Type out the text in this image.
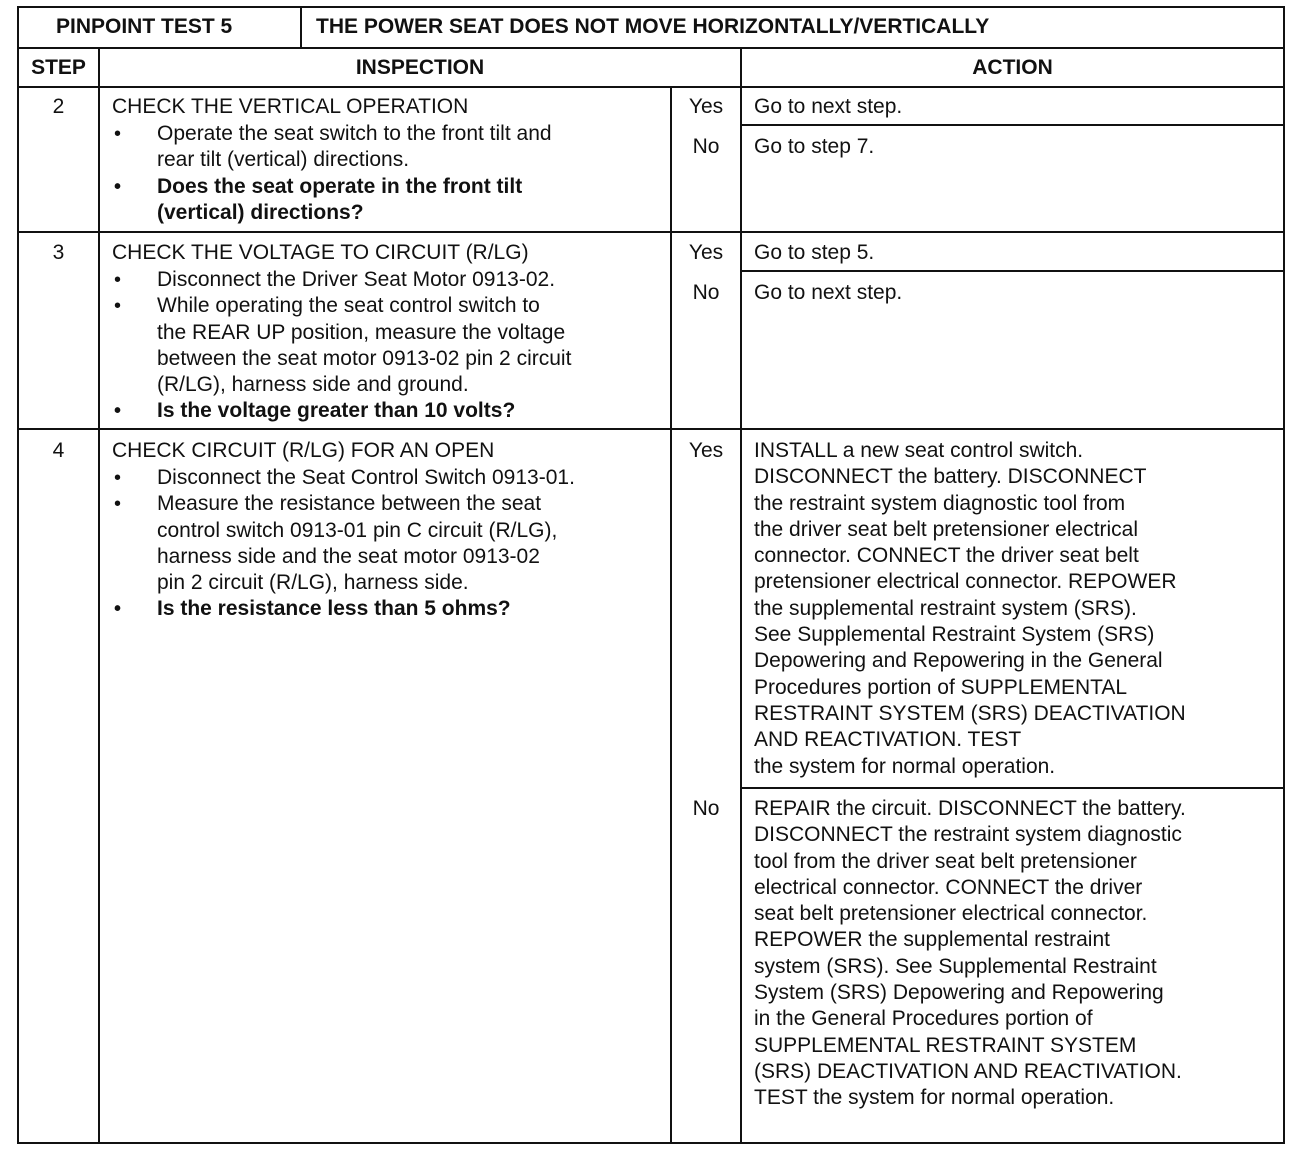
PINPOINT TEST 5	THE POWER SEAT DOES NOT MOVE HORIZONTALLY/VERTICALLY
STEP	INSPECTION	ACTION
2	CHECK THE VERTICAL OPERATION
• Operate the seat switch to the front tilt and
rear tilt (vertical) directions.
• Does the seat operate in the front tilt
(vertical) directions?
Yes	Go to next step.
No	Go to step 7.
3	CHECK THE VOLTAGE TO CIRCUIT (R/LG)
• Disconnect the Driver Seat Motor 0913-02.
• While operating the seat control switch to
the REAR UP position, measure the voltage
between the seat motor 0913-02 pin 2 circuit
(R/LG), harness side and ground.
• Is the voltage greater than 10 volts?
Yes	Go to step 5.
No	Go to next step.
4	CHECK CIRCUIT (R/LG) FOR AN OPEN
• Disconnect the Seat Control Switch 0913-01.
• Measure the resistance between the seat
control switch 0913-01 pin C circuit (R/LG),
harness side and the seat motor 0913-02
pin 2 circuit (R/LG), harness side.
• Is the resistance less than 5 ohms?
Yes	INSTALL a new seat control switch.
DISCONNECT the battery. DISCONNECT
the restraint system diagnostic tool from
the driver seat belt pretensioner electrical
connector. CONNECT the driver seat belt
pretensioner electrical connector. REPOWER
the supplemental restraint system (SRS).
See Supplemental Restraint System (SRS)
Depowering and Repowering in the General
Procedures portion of SUPPLEMENTAL
RESTRAINT SYSTEM (SRS) DEACTIVATION
AND REACTIVATION. TEST
the system for normal operation.
No	REPAIR the circuit. DISCONNECT the battery.
DISCONNECT the restraint system diagnostic
tool from the driver seat belt pretensioner
electrical connector. CONNECT the driver
seat belt pretensioner electrical connector.
REPOWER the supplemental restraint
system (SRS). See Supplemental Restraint
System (SRS) Depowering and Repowering
in the General Procedures portion of
SUPPLEMENTAL RESTRAINT SYSTEM
(SRS) DEACTIVATION AND REACTIVATION.
TEST the system for normal operation.
